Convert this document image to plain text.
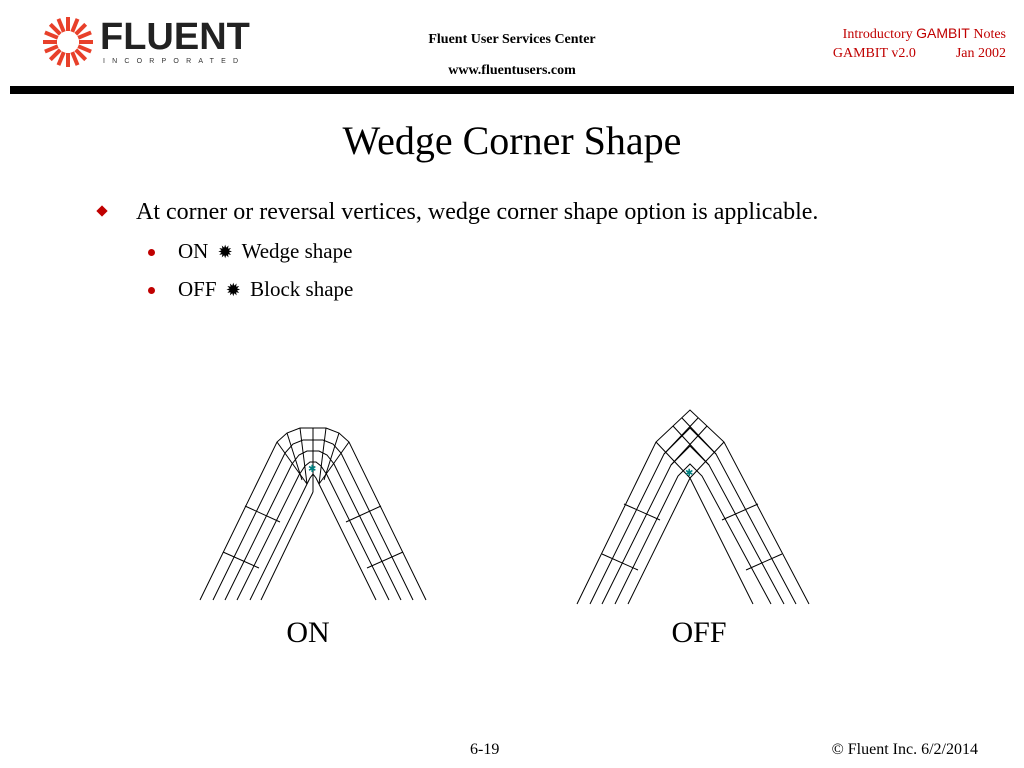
FLUENT
INCORPORATED
Fluent User Services Center
www.fluentusers.com
Introductory GAMBIT Notes
GAMBIT v2.0	Jan 2002
Wedge Corner Shape
At corner or reversal vertices, wedge corner shape option is applicable.
ON ✹ Wedge shape
OFF ✹ Block shape
✱
ON
✱
OFF
6-19	© Fluent Inc. 6/2/2014
